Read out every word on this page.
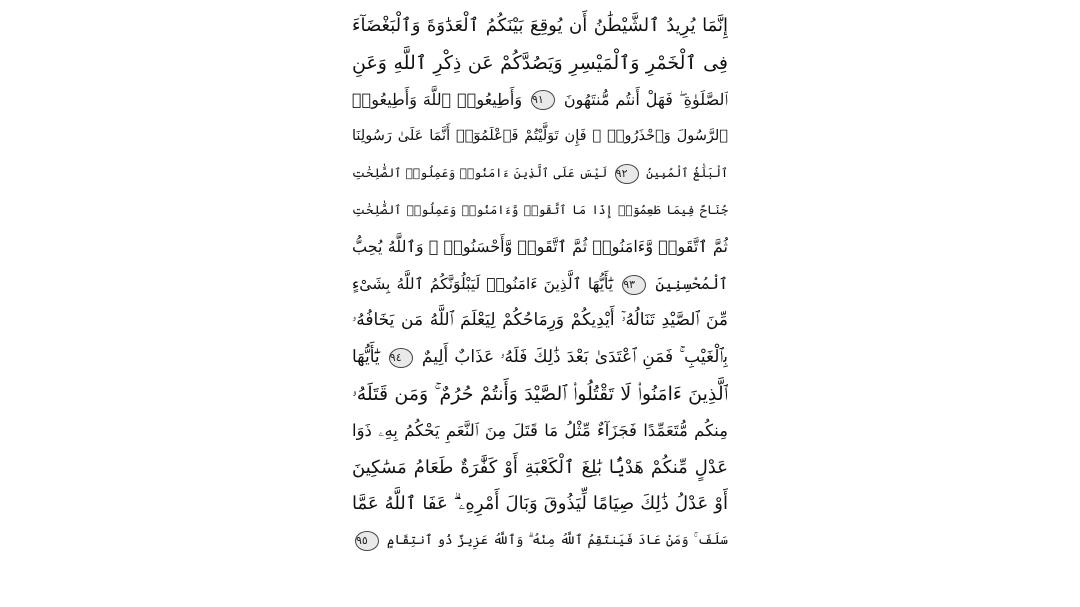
إِنَّمَا يُرِيدُ ٱلشَّيْطَٰنُ أَن يُوقِعَ بَيْنَكُمُ ٱلْعَدَٰوَةَ وَٱلْبَغْضَآءَ
فِى ٱلْخَمْرِ وَٱلْمَيْسِرِ وَيَصُدَّكُمْ عَن ذِكْرِ ٱللَّهِ وَعَنِ
ٱلصَّلَوٰةِ ۖ فَهَلْ أَنتُم مُّنتَهُونَ ٩١ وَأَطِيعُوا۟ ٱللَّهَ وَأَطِيعُوا۟
ٱلرَّسُولَ وَٱحْذَرُوا۟ ۚ فَإِن تَوَلَّيْتُمْ فَٱعْلَمُوٓا۟ أَنَّمَا عَلَىٰ رَسُولِنَا
ٱلْبَلَٰغُ ٱلْمُبِينُ ٩٢ لَيْسَ عَلَى ٱلَّذِينَ ءَامَنُوا۟ وَعَمِلُوا۟ ٱلصَّٰلِحَٰتِ
جُنَاحٌ فِيمَا طَعِمُوٓا۟ إِذَا مَا ٱتَّقَوا۟ وَّءَامَنُوا۟ وَعَمِلُوا۟ ٱلصَّٰلِحَٰتِ
ثُمَّ ٱتَّقَوا۟ وَّءَامَنُوا۟ ثُمَّ ٱتَّقَوا۟ وَّأَحْسَنُوا۟ ۗ وَٱللَّهُ يُحِبُّ
ٱلْمُحْسِنِينَ ٩٣ يَٰٓأَيُّهَا ٱلَّذِينَ ءَامَنُوا۟ لَيَبْلُوَنَّكُمُ ٱللَّهُ بِشَىْءٍ
مِّنَ ٱلصَّيْدِ تَنَالُهُۥٓ أَيْدِيكُمْ وَرِمَاحُكُمْ لِيَعْلَمَ ٱللَّهُ مَن يَخَافُهُۥ
بِٱلْغَيْبِ ۚ فَمَنِ ٱعْتَدَىٰ بَعْدَ ذَٰلِكَ فَلَهُۥ عَذَابٌ أَلِيمٌ ٩٤ يَٰٓأَيُّهَا
ٱلَّذِينَ ءَامَنُوا۟ لَا تَقْتُلُوا۟ ٱلصَّيْدَ وَأَنتُمْ حُرُمٌ ۚ وَمَن قَتَلَهُۥ
مِنكُم مُّتَعَمِّدًا فَجَزَآءٌ مِّثْلُ مَا قَتَلَ مِنَ ٱلنَّعَمِ يَحْكُمُ بِهِۦ ذَوَا
عَدْلٍ مِّنكُمْ هَدْيًۢا بَٰلِغَ ٱلْكَعْبَةِ أَوْ كَفَّٰرَةٌ طَعَامُ مَسَٰكِينَ
أَوْ عَدْلُ ذَٰلِكَ صِيَامًا لِّيَذُوقَ وَبَالَ أَمْرِهِۦ ۗ عَفَا ٱللَّهُ عَمَّا
سَلَفَ ۚ وَمَنْ عَادَ فَيَنتَقِمُ ٱللَّهُ مِنْهُ ۗ وَٱللَّهُ عَزِيزٌ ذُو ٱنتِقَامٍ ٩٥
